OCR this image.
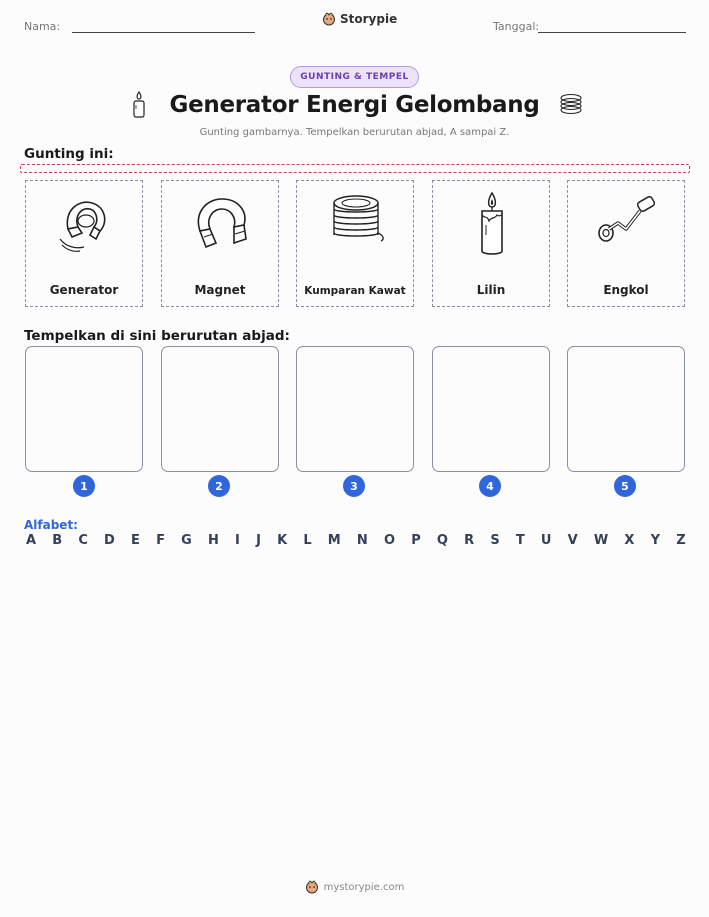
Nama:
Storypie
Tanggal:
GUNTING & TEMPEL
Generator Energi Gelombang
Gunting gambarnya. Tempelkan berurutan abjad, A sampai Z.
Gunting ini:
Generator	Magnet	Kumparan Kawat	Lilin	Engkol
Tempelkan di sini berurutan abjad:
1	2	3	4	5
Alfabet:
A B C D E F G H I J K L M N O P Q R S T U V W X Y Z
mystorypie.com
